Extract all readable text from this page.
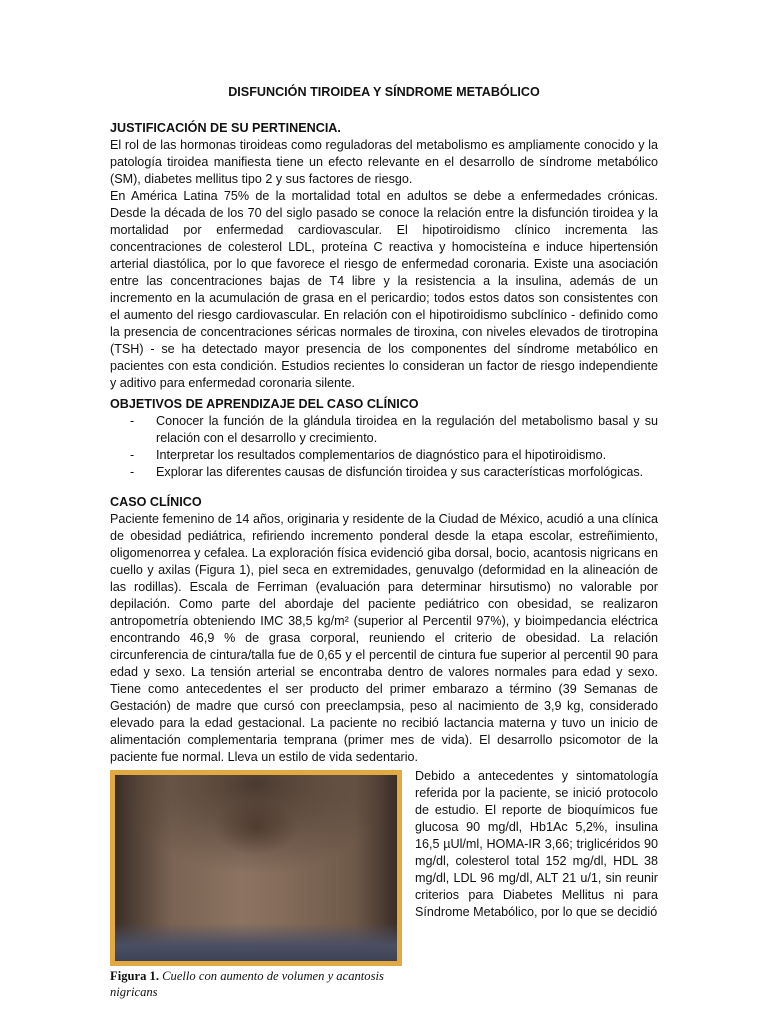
DISFUNCIÓN TIROIDEA Y SÍNDROME METABÓLICO
JUSTIFICACIÓN DE SU PERTINENCIA.

El rol de las hormonas tiroideas como reguladoras del metabolismo es ampliamente conocido y la patología tiroidea manifiesta tiene un efecto relevante en el desarrollo de síndrome metabólico (SM), diabetes mellitus tipo 2 y sus factores de riesgo.

En América Latina 75% de la mortalidad total en adultos se debe a enfermedades crónicas. Desde la década de los 70 del siglo pasado se conoce la relación entre la disfunción tiroidea y la mortalidad por enfermedad cardiovascular. El hipotiroidismo clínico incrementa las concentraciones de colesterol LDL, proteína C reactiva y homocisteína e induce hipertensión arterial diastólica, por lo que favorece el riesgo de enfermedad coronaria. Existe una asociación entre las concentraciones bajas de T4 libre y la resistencia a la insulina, además de un incremento en la acumulación de grasa en el pericardio; todos estos datos son consistentes con el aumento del riesgo cardiovascular. En relación con el hipotiroidismo subclínico - definido como la presencia de concentraciones séricas normales de tiroxina, con niveles elevados de tirotropina (TSH) - se ha detectado mayor presencia de los componentes del síndrome metabólico en pacientes con esta condición. Estudios recientes lo consideran un factor de riesgo independiente y aditivo para enfermedad coronaria silente.

OBJETIVOS DE APRENDIZAJE DEL CASO CLÍNICO
- Conocer la función de la glándula tiroidea en la regulación del metabolismo basal y su relación con el desarrollo y crecimiento.
- Interpretar los resultados complementarios de diagnóstico para el hipotiroidismo.
- Explorar las diferentes causas de disfunción tiroidea y sus características morfológicas.
CASO CLÍNICO

Paciente femenino de 14 años, originaria y residente de la Ciudad de México, acudió a una clínica de obesidad pediátrica, refiriendo incremento ponderal desde la etapa escolar, estreñimiento, oligomenorrea y cefalea. La exploración física evidenció giba dorsal, bocio, acantosis nigricans en cuello y axilas (Figura 1), piel seca en extremidades, genuvalgo (deformidad en la alineación de las rodillas). Escala de Ferriman (evaluación para determinar hirsutismo) no valorable por depilación. Como parte del abordaje del paciente pediátrico con obesidad, se realizaron antropometría obteniendo IMC 38,5 kg/m² (superior al Percentil 97%), y bioimpedancia eléctrica encontrando 46,9 % de grasa corporal, reuniendo el criterio de obesidad. La relación circunferencia de cintura/talla fue de 0,65 y el percentil de cintura fue superior al percentil 90 para edad y sexo. La tensión arterial se encontraba dentro de valores normales para edad y sexo. Tiene como antecedentes el ser producto del primer embarazo a término (39 Semanas de Gestación) de madre que cursó con preeclampsia, peso al nacimiento de 3,9 kg, considerado elevado para la edad gestacional. La paciente no recibió lactancia materna y tuvo un inicio de alimentación complementaria temprana (primer mes de vida). El desarrollo psicomotor de la paciente fue normal. Lleva un estilo de vida sedentario.

Figura 1. Cuello con aumento de volumen y acantosis nigricans

Debido a antecedentes y sintomatología referida por la paciente, se inició protocolo de estudio. El reporte de bioquímicos fue glucosa 90 mg/dl, Hb1Ac 5,2%, insulina 16,5 µUl/ml, HOMA-IR 3,66; triglicéridos 90 mg/dl, colesterol total 152 mg/dl, HDL 38 mg/dl, LDL 96 mg/dl, ALT 21 u/1, sin reunir criterios para Diabetes Mellitus ni para Síndrome Metabólico, por lo que se decidió
